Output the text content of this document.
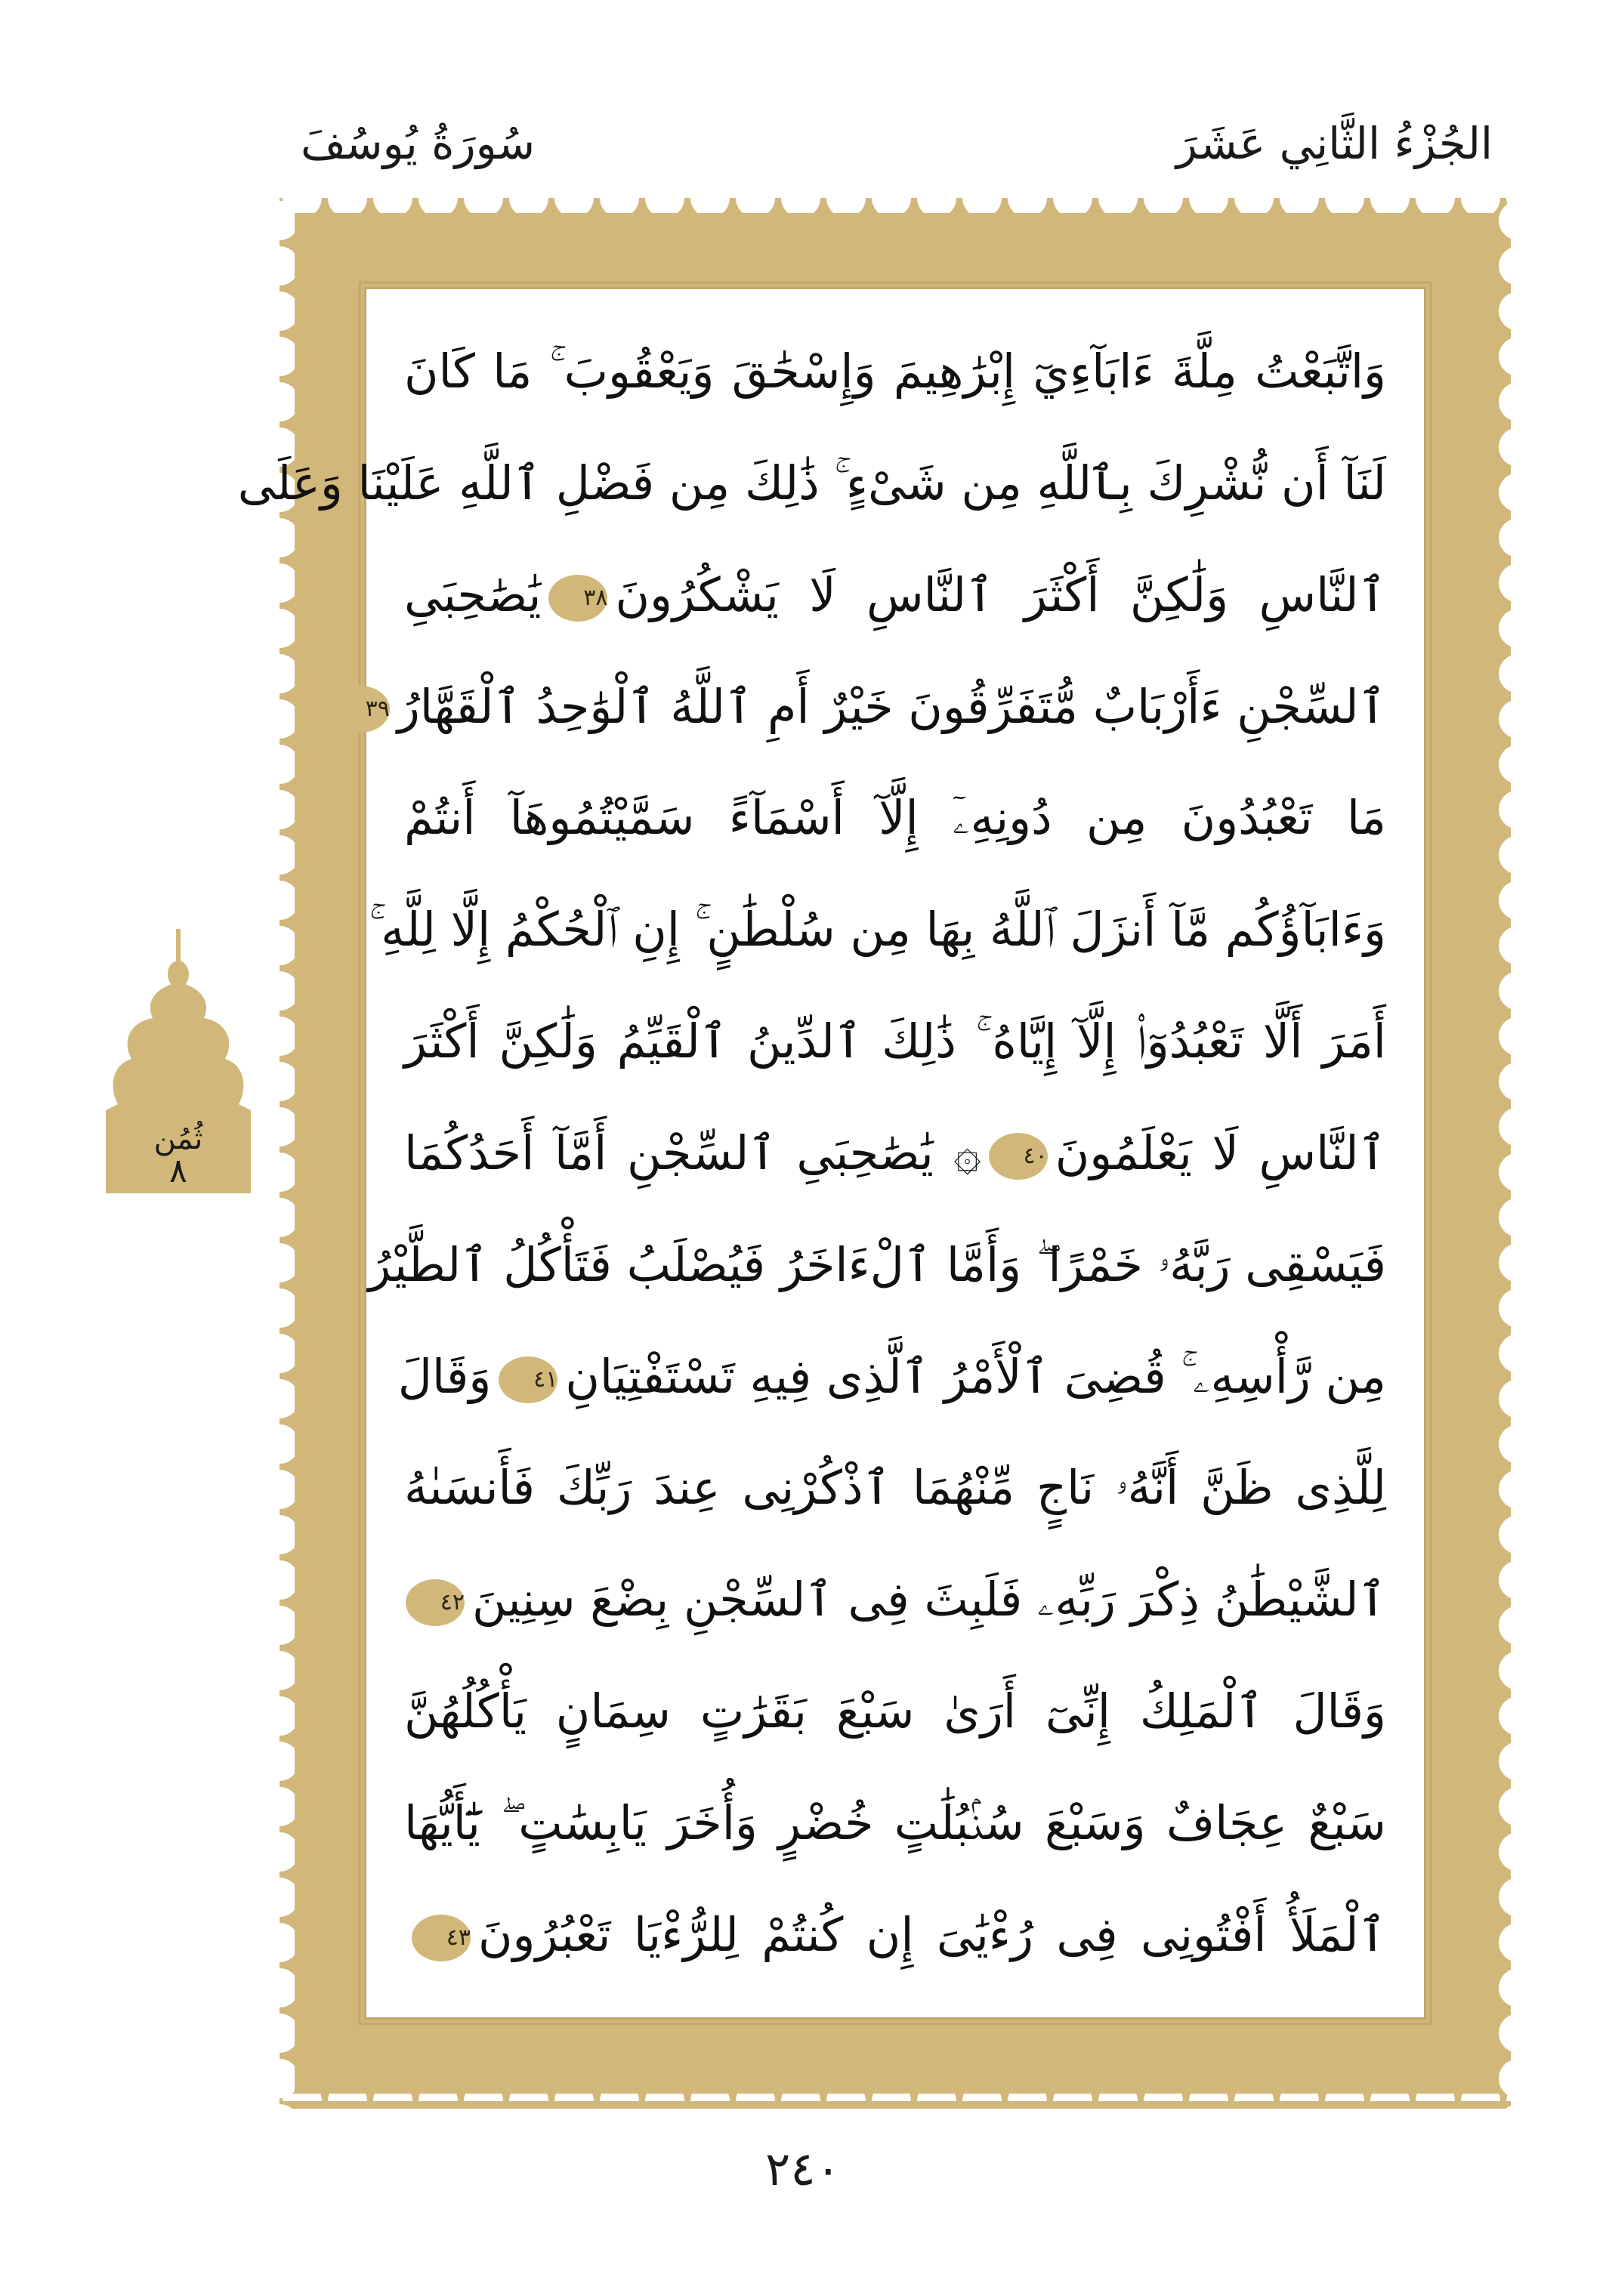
الجُزْءُ الثَّانِي عَشَرَ
سُورَةُ يُوسُفَ
وَاتَّبَعْتُ مِلَّةَ ءَابَآءِيٓ إِبْرَٰهِيمَ وَإِسْحَٰقَ وَيَعْقُوبَ ۚ مَا كَانَ
لَنَآ أَن نُّشْرِكَ بِٱللَّهِ مِن شَىْءٍ ۚ ذَٰلِكَ مِن فَضْلِ ٱللَّهِ عَلَيْنَا وَعَلَى
ٱلنَّاسِ وَلَٰكِنَّ أَكْثَرَ ٱلنَّاسِ لَا يَشْكُرُونَ٣٨يَٰصَٰحِبَىِ
ٱلسِّجْنِ ءَأَرْبَابٌ مُّتَفَرِّقُونَ خَيْرٌ أَمِ ٱللَّهُ ٱلْوَٰحِدُ ٱلْقَهَّارُ٣٩
مَا تَعْبُدُونَ مِن دُونِهِۦٓ إِلَّآ أَسْمَآءً سَمَّيْتُمُوهَآ أَنتُمْ
وَءَابَآؤُكُم مَّآ أَنزَلَ ٱللَّهُ بِهَا مِن سُلْطَٰنٍ ۚ إِنِ ٱلْحُكْمُ إِلَّا لِلَّهِ ۚ
أَمَرَ أَلَّا تَعْبُدُوٓا۟ إِلَّآ إِيَّاهُ ۚ ذَٰلِكَ ٱلدِّينُ ٱلْقَيِّمُ وَلَٰكِنَّ أَكْثَرَ
ٱلنَّاسِ لَا يَعْلَمُونَ٤٠۞ يَٰصَٰحِبَىِ ٱلسِّجْنِ أَمَّآ أَحَدُكُمَا
فَيَسْقِى رَبَّهُۥ خَمْرًا ۖ وَأَمَّا ٱلْءَاخَرُ فَيُصْلَبُ فَتَأْكُلُ ٱلطَّيْرُ
مِن رَّأْسِهِۦ ۚ قُضِىَ ٱلْأَمْرُ ٱلَّذِى فِيهِ تَسْتَفْتِيَانِ٤١وَقَالَ
لِلَّذِى ظَنَّ أَنَّهُۥ نَاجٍ مِّنْهُمَا ٱذْكُرْنِى عِندَ رَبِّكَ فَأَنسَىٰهُ
ٱلشَّيْطَٰنُ ذِكْرَ رَبِّهِۦ فَلَبِثَ فِى ٱلسِّجْنِ بِضْعَ سِنِينَ٤٢
وَقَالَ ٱلْمَلِكُ إِنِّىٓ أَرَىٰ سَبْعَ بَقَرَٰتٍ سِمَانٍ يَأْكُلُهُنَّ
سَبْعٌ عِجَافٌ وَسَبْعَ سُنۢبُلَٰتٍ خُضْرٍ وَأُخَرَ يَابِسَٰتٍ ۖ يَٰٓأَيُّهَا
ٱلْمَلَأُ أَفْتُونِى فِى رُءْيَٰىَ إِن كُنتُمْ لِلرُّءْيَا تَعْبُرُونَ٤٣
ثُمُن
٨
٢٤٠
